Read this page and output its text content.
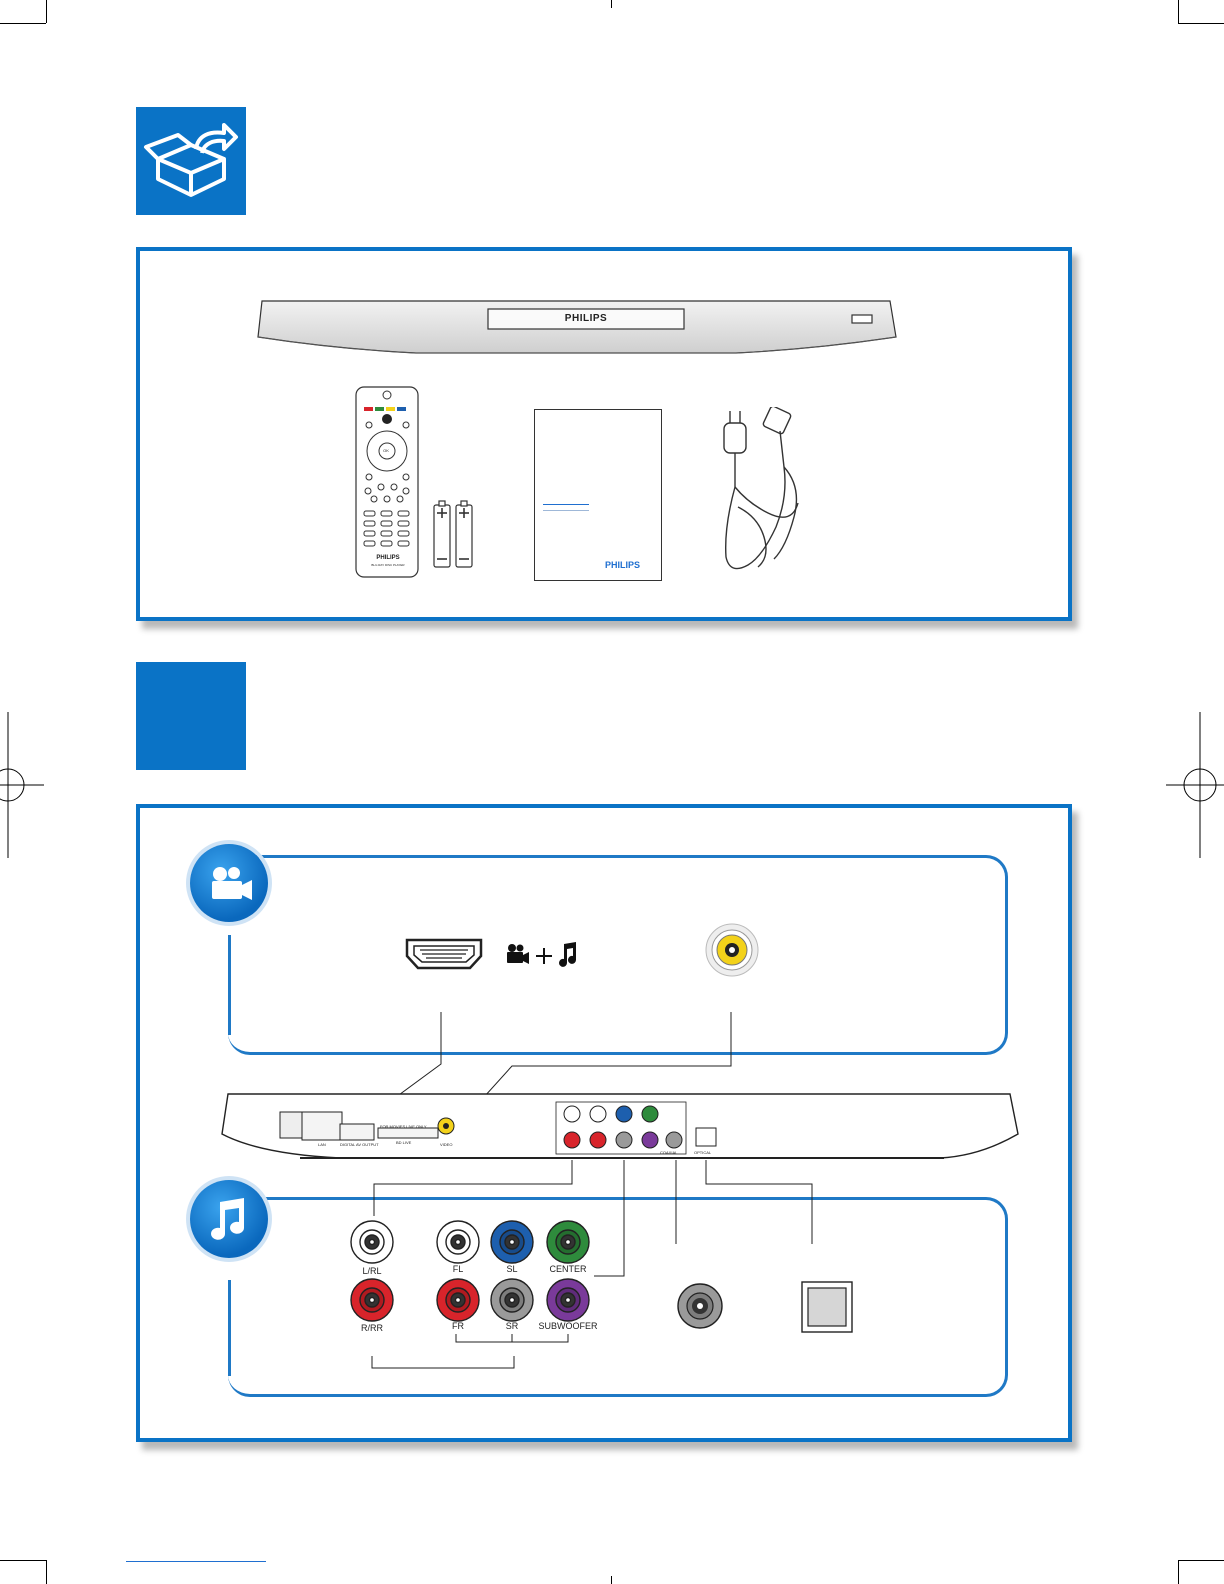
PHILIPS
OK
PHILIPS
BLU-RAY DISC PLAYER	PHILIPS
LAN	DIGITAL AV OUTPUT
FOR MOVIES LIVE ONLY
BD LIVE	VIDEO
COAXIAL	OPTICAL
L/RL
R/RR
FL
FR
SL
SR
CENTER
SUBWOOFER
